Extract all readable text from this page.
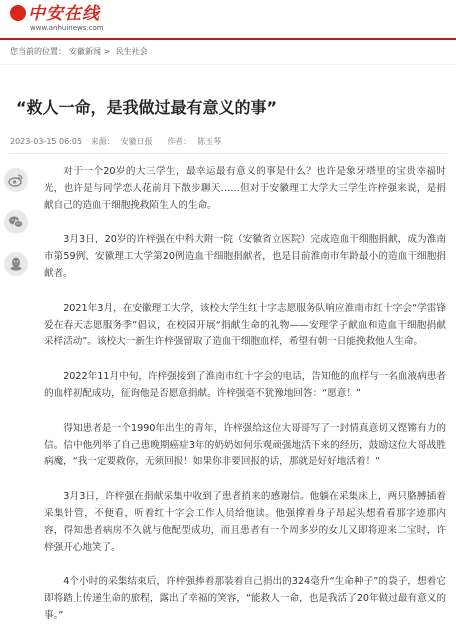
中安在线
www.anhuinews.com
您当前的位置： 安徽新闻 > 民生社会
“救人一命，是我做过最有意义的事”
2023-03-15 06:05 来源： 安徽日报 作者： 陈玉琴

对于一个20岁的大三学生，最幸运最有意义的事是什么？也许是象牙塔里的宝贵幸福时光，也许是与同学恋人花前月下散步聊天……但对于安徽理工大学大三学生许梓强来说，是捐献自己的造血干细胞挽救陌生人的生命。

3月3日，20岁的许梓强在中科大附一院（安徽省立医院）完成造血干细胞捐献，成为淮南市第59例、安徽理工大学第20例造血干细胞捐献者，也是目前淮南市年龄最小的造血干细胞捐献者。

2021年3月，在安徽理工大学，该校大学生红十字志愿服务队响应淮南市红十字会“学雷锋爱在春天志愿服务季”倡议，在校园开展“捐献生命的礼物——安理学子献血和造血干细胞捐献采样活动”。该校大一新生许梓强留取了造血干细胞血样，希望有朝一日能挽救他人生命。

2022年11月中旬，许梓强接到了淮南市红十字会的电话，告知他的血样与一名血液病患者的血样初配成功，征询他是否愿意捐献。许梓强毫不犹豫地回答：“愿意！”

得知患者是一个1990年出生的青年，许梓强给这位大哥哥写了一封情真意切又铿锵有力的信。信中他列举了自己患晚期癌症3年的奶奶如何乐观顽强地活下来的经历，鼓励这位大哥战胜病魔，“我一定要救你，无须回报！如果你非要回报的话，那就是好好地活着！”

3月3日，许梓强在捐献采集中收到了患者捎来的感谢信。他躺在采集床上，两只胳膊插着采集针管，不便看，听着红十字会工作人员给他读。他强撑着身子昂起头想看看那字迹那内容，得知患者病房不久就与他配型成功，而且患者有一个周多岁的女儿又即将迎来二宝时，许梓强开心地笑了。

4个小时的采集结束后，许梓强捧着那装着自己捐出的324毫升“生命种子”的袋子，想着它即将踏上传递生命的旅程，露出了幸福的笑容，“能救人一命，也是我活了20年做过最有意义的事。”
